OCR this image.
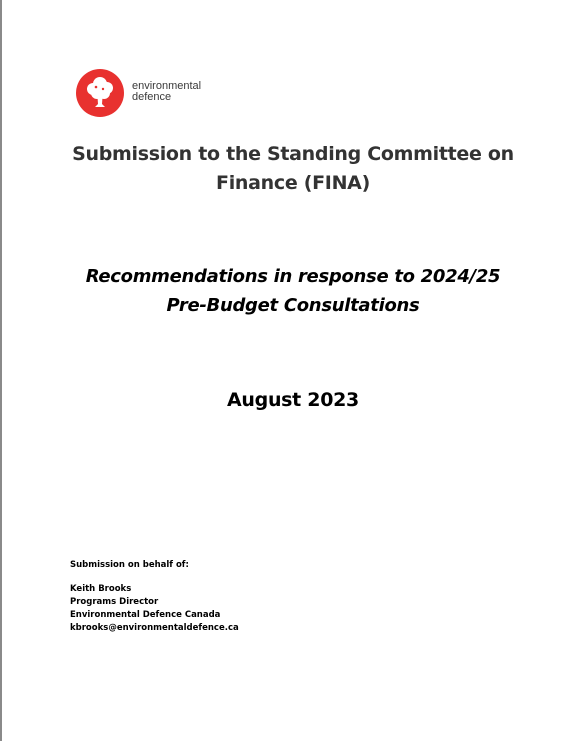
environmental
defence
Submission to the Standing Committee on
Finance (FINA)
Recommendations in response to 2024/25
Pre-Budget Consultations
August 2023
Submission on behalf of:
Keith Brooks
Programs Director
Environmental Defence Canada
kbrooks@environmentaldefence.ca
